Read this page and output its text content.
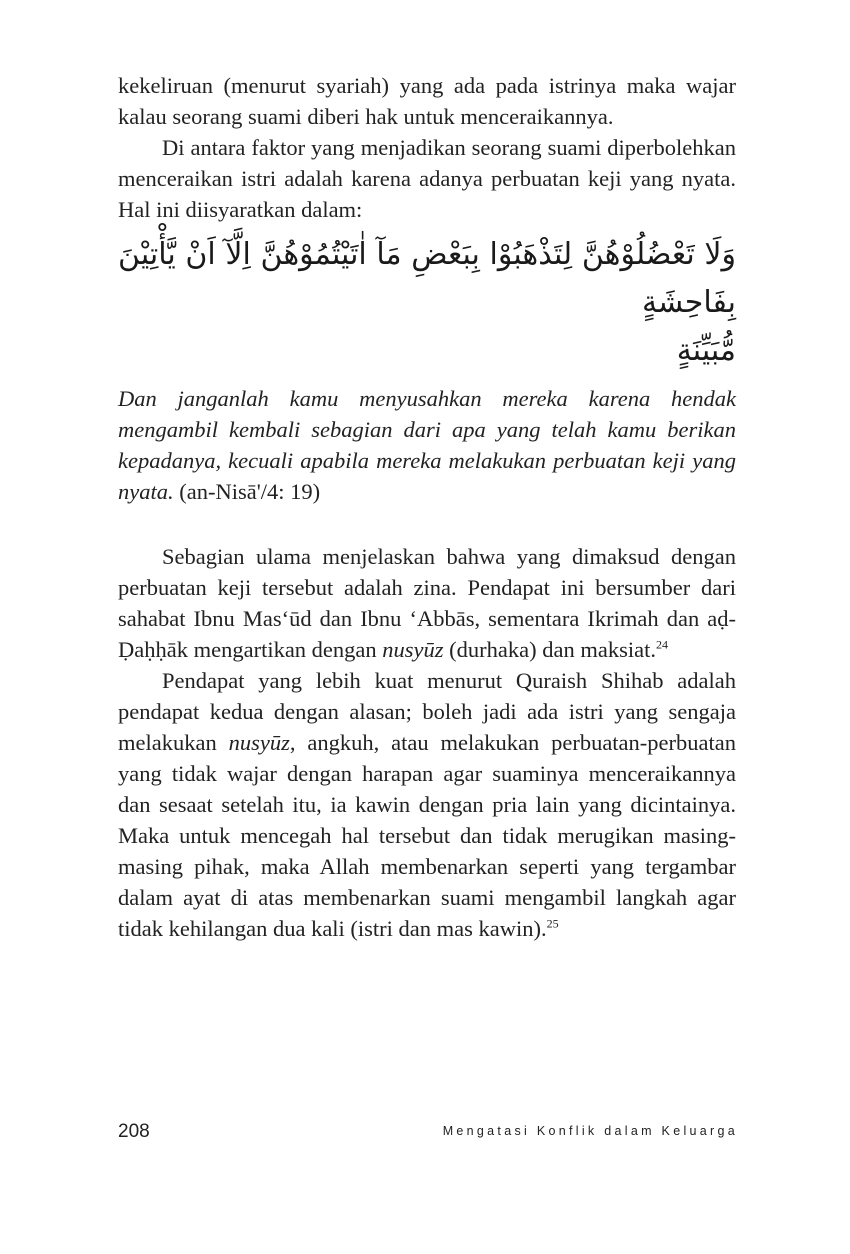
kekeliruan (menurut syariah) yang ada pada istrinya maka wajar kalau seorang suami diberi hak untuk menceraikannya.

Di antara faktor yang menjadikan seorang suami diperbolehkan menceraikan istri adalah karena adanya perbuatan keji yang nyata. Hal ini diisyaratkan dalam:

وَلَا تَعْضُلُوْهُنَّ لِتَذْهَبُوْا بِبَعْضِ مَآ اٰتَيْتُمُوْهُنَّ اِلَّآ اَنْ يَّأْتِيْنَ بِفَاحِشَةٍ
مُّبَيِّنَةٍ

Dan janganlah kamu menyusahkan mereka karena hendak mengambil kembali sebagian dari apa yang telah kamu berikan kepadanya, kecuali apabila mereka melakukan perbuatan keji yang nyata. (an-Nisā'/4: 19)

Sebagian ulama menjelaskan bahwa yang dimaksud dengan perbuatan keji tersebut adalah zina. Pendapat ini bersumber dari sahabat Ibnu Mas‘ūd dan Ibnu ‘Abbās, sementara Ikrimah dan aḍ-Ḍaḥḥāk mengartikan dengan nusyūz (durhaka) dan maksiat.$^{24}$

Pendapat yang lebih kuat menurut Quraish Shihab adalah pendapat kedua dengan alasan; boleh jadi ada istri yang sengaja melakukan nusyūz, angkuh, atau melakukan perbuatan-perbuatan yang tidak wajar dengan harapan agar suaminya menceraikannya dan sesaat setelah itu, ia kawin dengan pria lain yang dicintainya. Maka untuk mencegah hal tersebut dan tidak merugikan masing-masing pihak, maka Allah membenarkan seperti yang tergambar dalam ayat di atas membenarkan suami mengambil langkah agar tidak kehilangan dua kali (istri dan mas kawin).$^{25}$

208	Mengatasi Konflik dalam Keluarga
